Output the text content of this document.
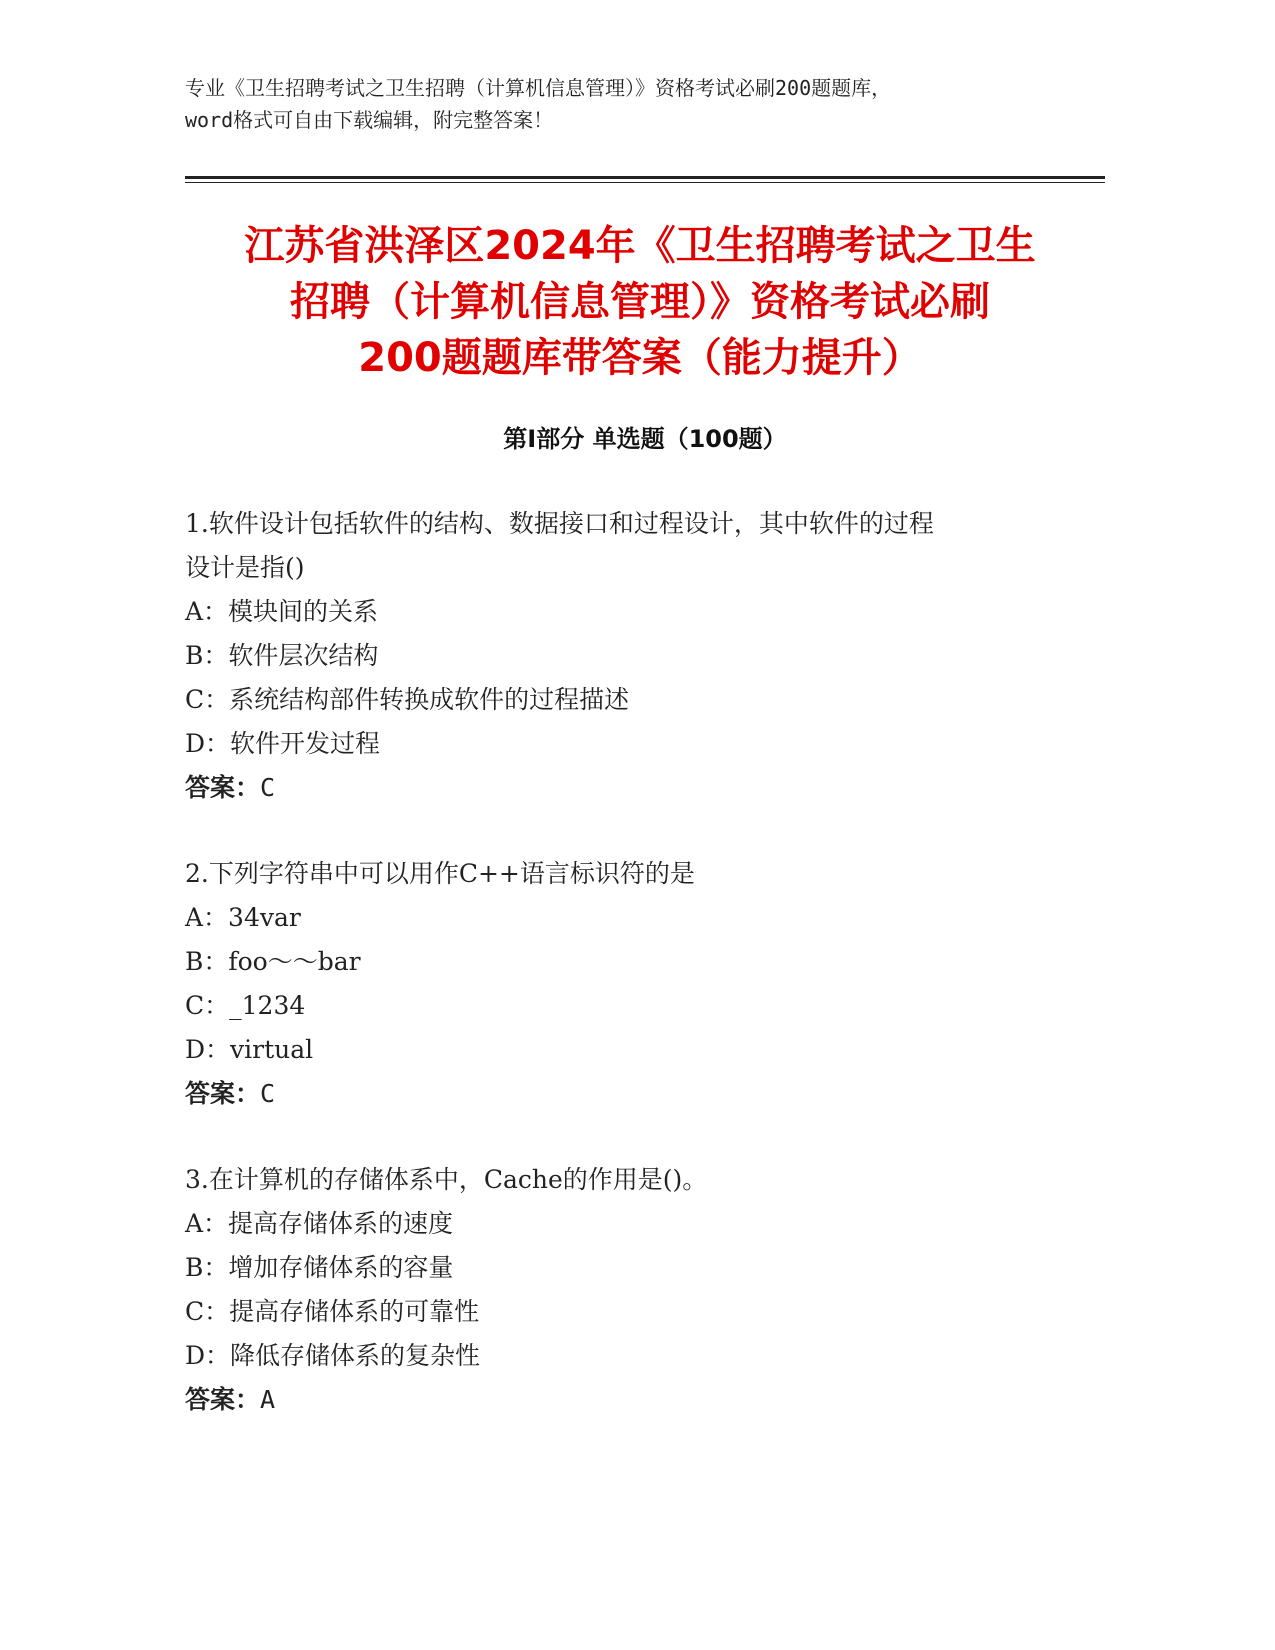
专业《卫生招聘考试之卫生招聘（计算机信息管理）》资格考试必刷200题题库，
word格式可自由下载编辑，附完整答案！
江苏省洪泽区2024年《卫生招聘考试之卫生
招聘（计算机信息管理）》资格考试必刷
200题题库带答案（能力提升）
第I部分 单选题（100题）
1.软件设计包括软件的结构、数据接口和过程设计，其中软件的过程
设计是指()
A：模块间的关系
B：软件层次结构
C：系统结构部件转换成软件的过程描述
D：软件开发过程
答案：C
2.下列字符串中可以用作C++语言标识符的是
A：34var
B：foo～～bar
C：_1234
D：virtual
答案：C
3.在计算机的存储体系中，Cache的作用是()。
A：提高存储体系的速度
B：增加存储体系的容量
C：提高存储体系的可靠性
D：降低存储体系的复杂性
答案：A
